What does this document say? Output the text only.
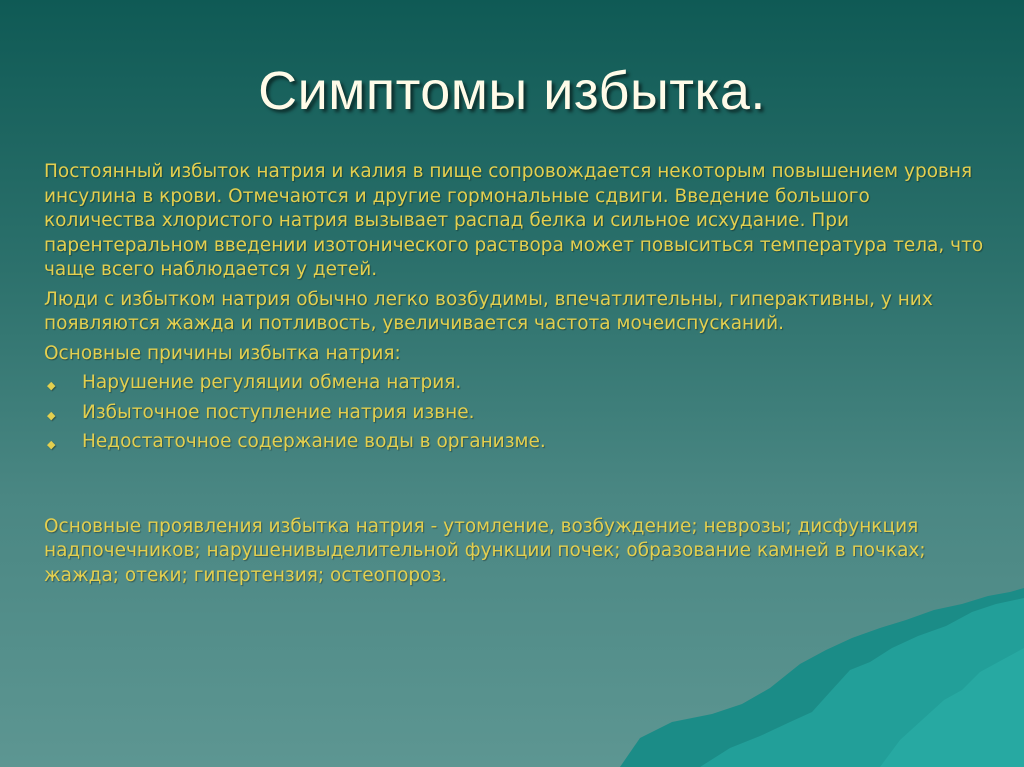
Симптомы избытка.

Постоянный избыток натрия и калия в пище сопровождается некоторым повышением уровня инсулина в крови. Отмечаются и другие гормональные сдвиги. Введение большого количества хлористого натрия вызывает распад белка и сильное исхудание. При парентеральном введении изотонического раствора может повыситься температура тела, что чаще всего наблюдается у детей.

Люди с избытком натрия обычно легко возбудимы, впечатлительны, гиперактивны, у них появляются жажда и потливость, увеличивается частота мочеиспусканий.

Основные причины избытка натрия:

◆ Нарушение регуляции обмена натрия.
◆ Избыточное поступление натрия извне.
◆ Недостаточное содержание воды в организме.

Основные проявления избытка натрия - утомление, возбуждение; неврозы; дисфункция надпочечников; нарушенивыделительной функции почек; образование камней в почках; жажда; отеки; гипертензия; остеопороз.
